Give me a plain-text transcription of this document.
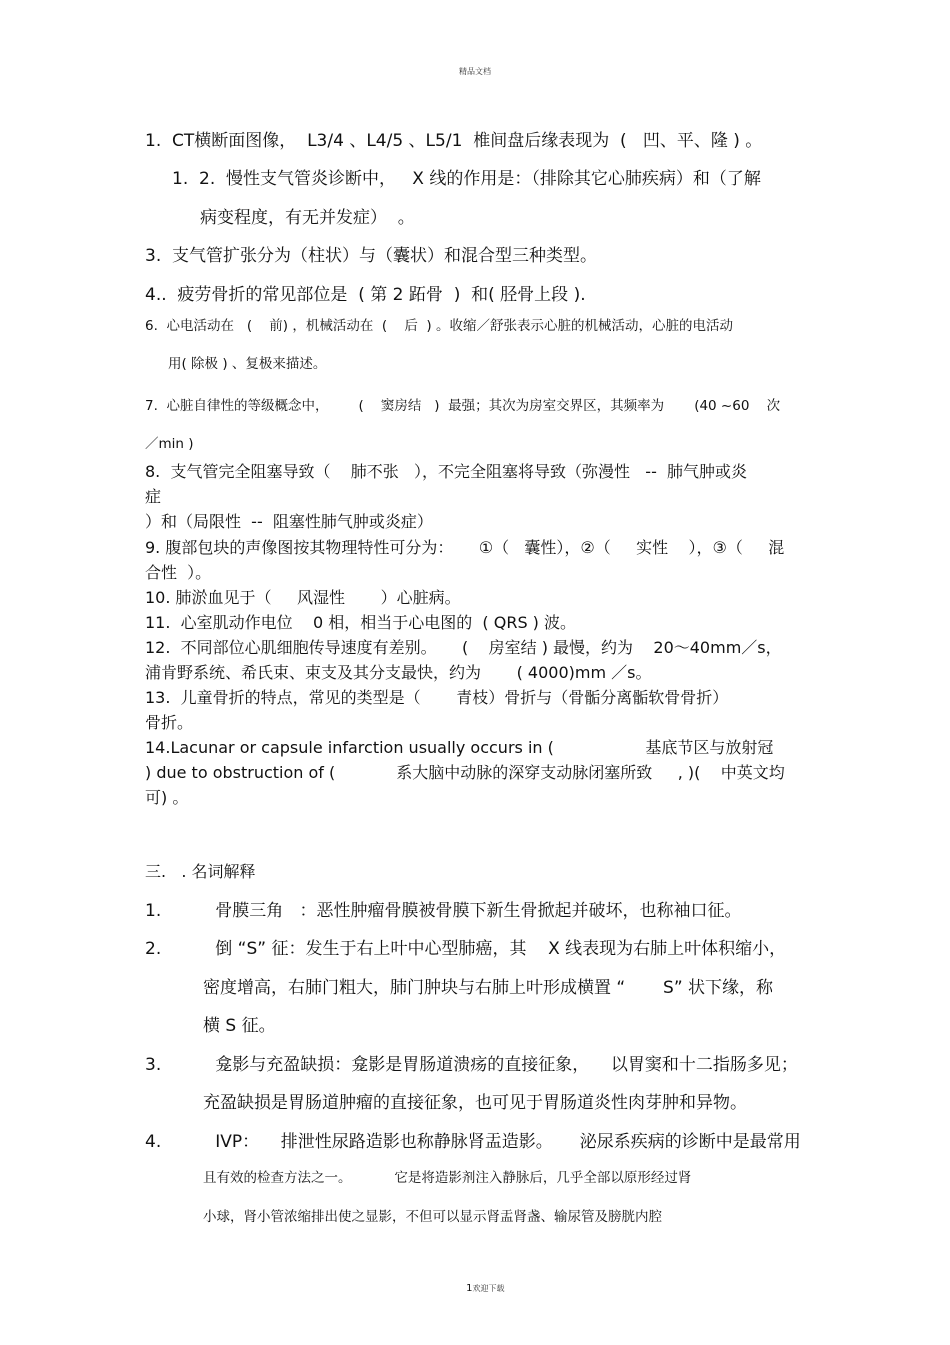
精品文档
1.  CT横断面图像，  L3/4 、L4/5 、L5/1  椎间盘后缘表现为  (   凹、平、隆 ) 。
1.  2.  慢性支气管炎诊断中，   X 线的作用是：（排除其它心肺疾病）和（了解
病变程度，有无并发症）  。
3.  支气管扩张分为（柱状）与（囊状）和混合型三种类型。
4..  疲劳骨折的常见部位是  ( 第 2 跖骨  )  和( 胫骨上段 ).
6.  心电活动在   (    前) ，机械活动在  (    后  ) 。收缩／舒张表示心脏的机械活动，心脏的电活动
用( 除极 ) 、复极来描述。
7.  心脏自律性的等级概念中，       (    窦房结   )  最强；其次为房室交界区，其频率为       (40 ~60    次
／min )
8.  支气管完全阻塞导致（    肺不张   ），不完全阻塞将导致（弥漫性   --  肺气肿或炎
症
）和（局限性  --  阻塞性肺气肿或炎症）
9. 腹部包块的声像图按其物理特性可分为：     ①（   囊性），②（     实性    ），③（     混
合性  ）。
10. 肺淤血见于（     风湿性       ）心脏病。
11.  心室肌动作电位    0 相，相当于心电图的  ( QRS ) 波。
12.  不同部位心肌细胞传导速度有差别。     (    房室结 ) 最慢，约为    20～40mm／s，
浦肯野系统、希氏束、束支及其分支最快，约为       ( 4000)mm ／s。
13.  儿童骨折的特点，常见的类型是（       青枝）骨折与（骨骺分离骺软骨骨折）
骨折。
14.Lacunar or capsule infarction usually occurs in (                  基底节区与放射冠
) due to obstruction of (            系大脑中动脉的深穿支动脉闭塞所致     , )(    中英文均
可) 。
三.   . 名词解释
1.          骨膜三角   ：恶性肿瘤骨膜被骨膜下新生骨掀起并破坏，也称袖口征。
2.          倒 “S” 征：发生于右上叶中心型肺癌，其    X 线表现为右肺上叶体积缩小，
密度增高，右肺门粗大，肺门肿块与右肺上叶形成横置 “       S” 状下缘，称
横 S 征。
3.          龛影与充盈缺损：龛影是胃肠道溃疡的直接征象，    以胃窦和十二指肠多见；
充盈缺损是胃肠道肿瘤的直接征象，也可见于胃肠道炎性肉芽肿和异物。
4.          IVP：    排泄性尿路造影也称静脉肾盂造影。     泌尿系疾病的诊断中是最常用
且有效的检查方法之一。          它是将造影剂注入静脉后，几乎全部以原形经过肾
小球，肾小管浓缩排出使之显影，不但可以显示肾盂肾盏、输尿管及膀胱内腔

1欢迎下载
